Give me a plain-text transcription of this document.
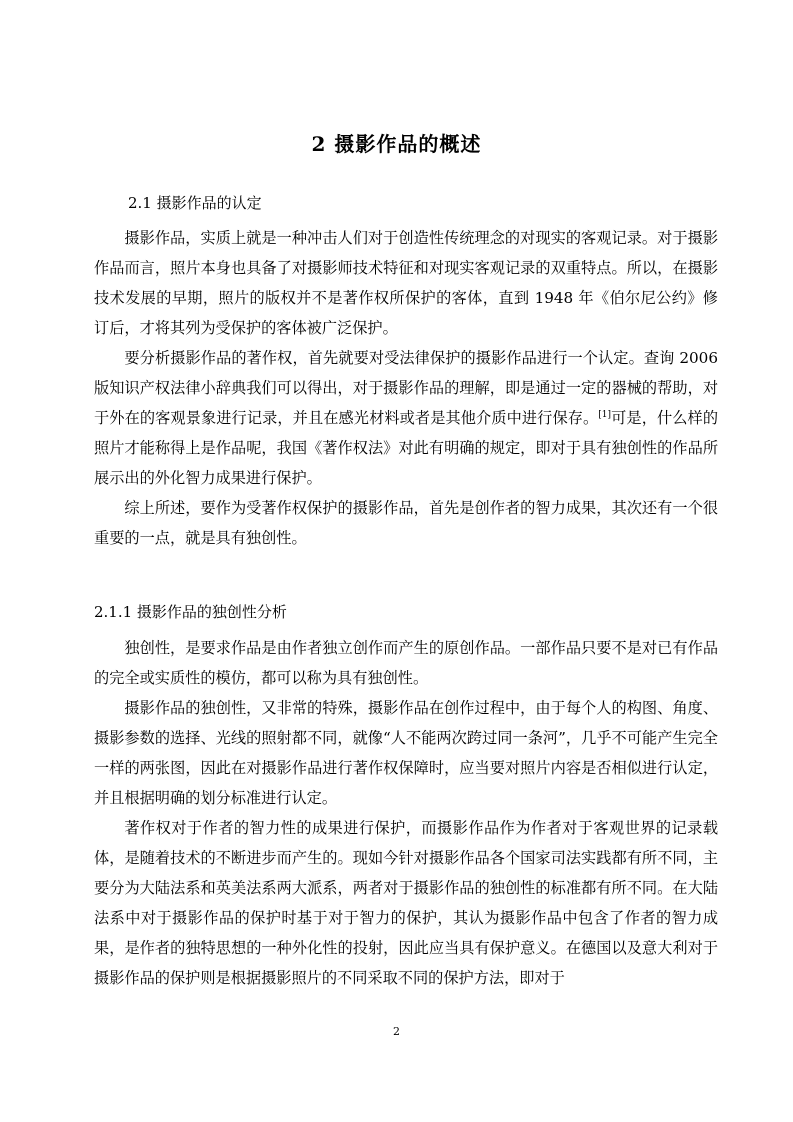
2 摄影作品的概述
2.1 摄影作品的认定

摄影作品，实质上就是一种冲击人们对于创造性传统理念的对现实的客观记录。对于摄影作品而言，照片本身也具备了对摄影师技术特征和对现实客观记录的双重特点。所以，在摄影技术发展的早期，照片的版权并不是著作权所保护的客体，直到 1948 年《伯尔尼公约》修订后，才将其列为受保护的客体被广泛保护。

要分析摄影作品的著作权，首先就要对受法律保护的摄影作品进行一个认定。查询 2006 版知识产权法律小辞典我们可以得出，对于摄影作品的理解，即是通过一定的器械的帮助，对于外在的客观景象进行记录，并且在感光材料或者是其他介质中进行保存。[1]可是，什么样的照片才能称得上是作品呢，我国《著作权法》对此有明确的规定，即对于具有独创性的作品所展示出的外化智力成果进行保护。

综上所述，要作为受著作权保护的摄影作品，首先是创作者的智力成果，其次还有一个很重要的一点，就是具有独创性。

2.1.1 摄影作品的独创性分析

独创性，是要求作品是由作者独立创作而产生的原创作品。一部作品只要不是对已有作品的完全或实质性的模仿，都可以称为具有独创性。

摄影作品的独创性，又非常的特殊，摄影作品在创作过程中，由于每个人的构图、角度、摄影参数的选择、光线的照射都不同，就像“人不能两次跨过同一条河”，几乎不可能产生完全一样的两张图，因此在对摄影作品进行著作权保障时，应当要对照片内容是否相似进行认定，并且根据明确的划分标准进行认定。

著作权对于作者的智力性的成果进行保护，而摄影作品作为作者对于客观世界的记录载体，是随着技术的不断进步而产生的。现如今针对摄影作品各个国家司法实践都有所不同，主要分为大陆法系和英美法系两大派系，两者对于摄影作品的独创性的标准都有所不同。在大陆法系中对于摄影作品的保护时基于对于智力的保护，其认为摄影作品中包含了作者的智力成果，是作者的独特思想的一种外化性的投射，因此应当具有保护意义。在德国以及意大利对于摄影作品的保护则是根据摄影照片的不同采取不同的保护方法，即对于

2
